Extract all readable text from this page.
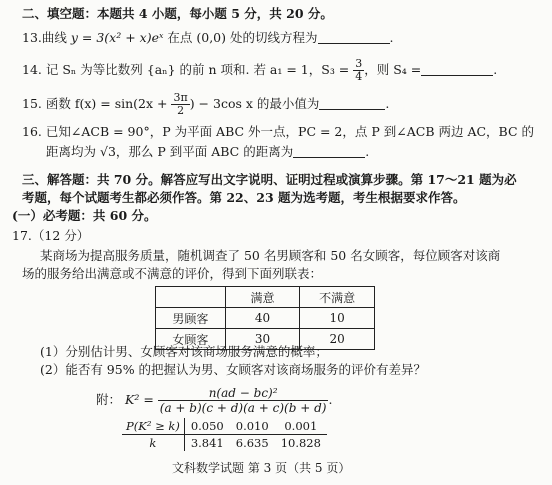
二、填空题：本题共 4 小题，每小题 5 分，共 20 分。
13.曲线 y = 3(x² + x)eˣ 在点 (0,0) 处的切线方程为	.
14. 记 Sₙ 为等比数列 {aₙ} 的前 n 项和. 若 a₁ = 1，$S_3 = \frac{3}{4}$ ，则 S₄ =	.
15. 函数 $f(x) = \sin(2x + \frac{3\pi}{2}$ ) − 3cos x 的最小值为	.
16. 已知∠ACB = 90°，P 为平面 ABC 外一点，PC = 2，点 P 到∠ACB 两边 AC，BC 的
距离均为 √3，那么 P 到平面 ABC 的距离为	.
三、解答题：共 70 分。解答应写出文字说明、证明过程或演算步骤。第 17～21 题为必
考题，每个试题考生都必须作答。第 22、23 题为选考题，考生根据要求作答。
(一）必考题：共 60 分。
17.（12 分）
某商场为提高服务质量，随机调查了 50 名男顾客和 50 名女顾客，每位顾客对该商
场的服务给出满意或不满意的评价，得到下面列联表：
	满意	不满意
男顾客	40	10
女顾客	30	20
(1）分别估计男、女顾客对该商场服务满意的概率；
(2）能否有 95% 的把握认为男、女顾客对该商场服务的评价有差异？
附： $K^2 = \frac{\text{n(ad − bc)²}}{(a + b)(c + d)(a + c)(b + d)}$ .
P(K² ≥ k)	0.050	0.010	0.001
k	3.841	6.635	10.828
文科数学试题 第 3 页（共 5 页）
